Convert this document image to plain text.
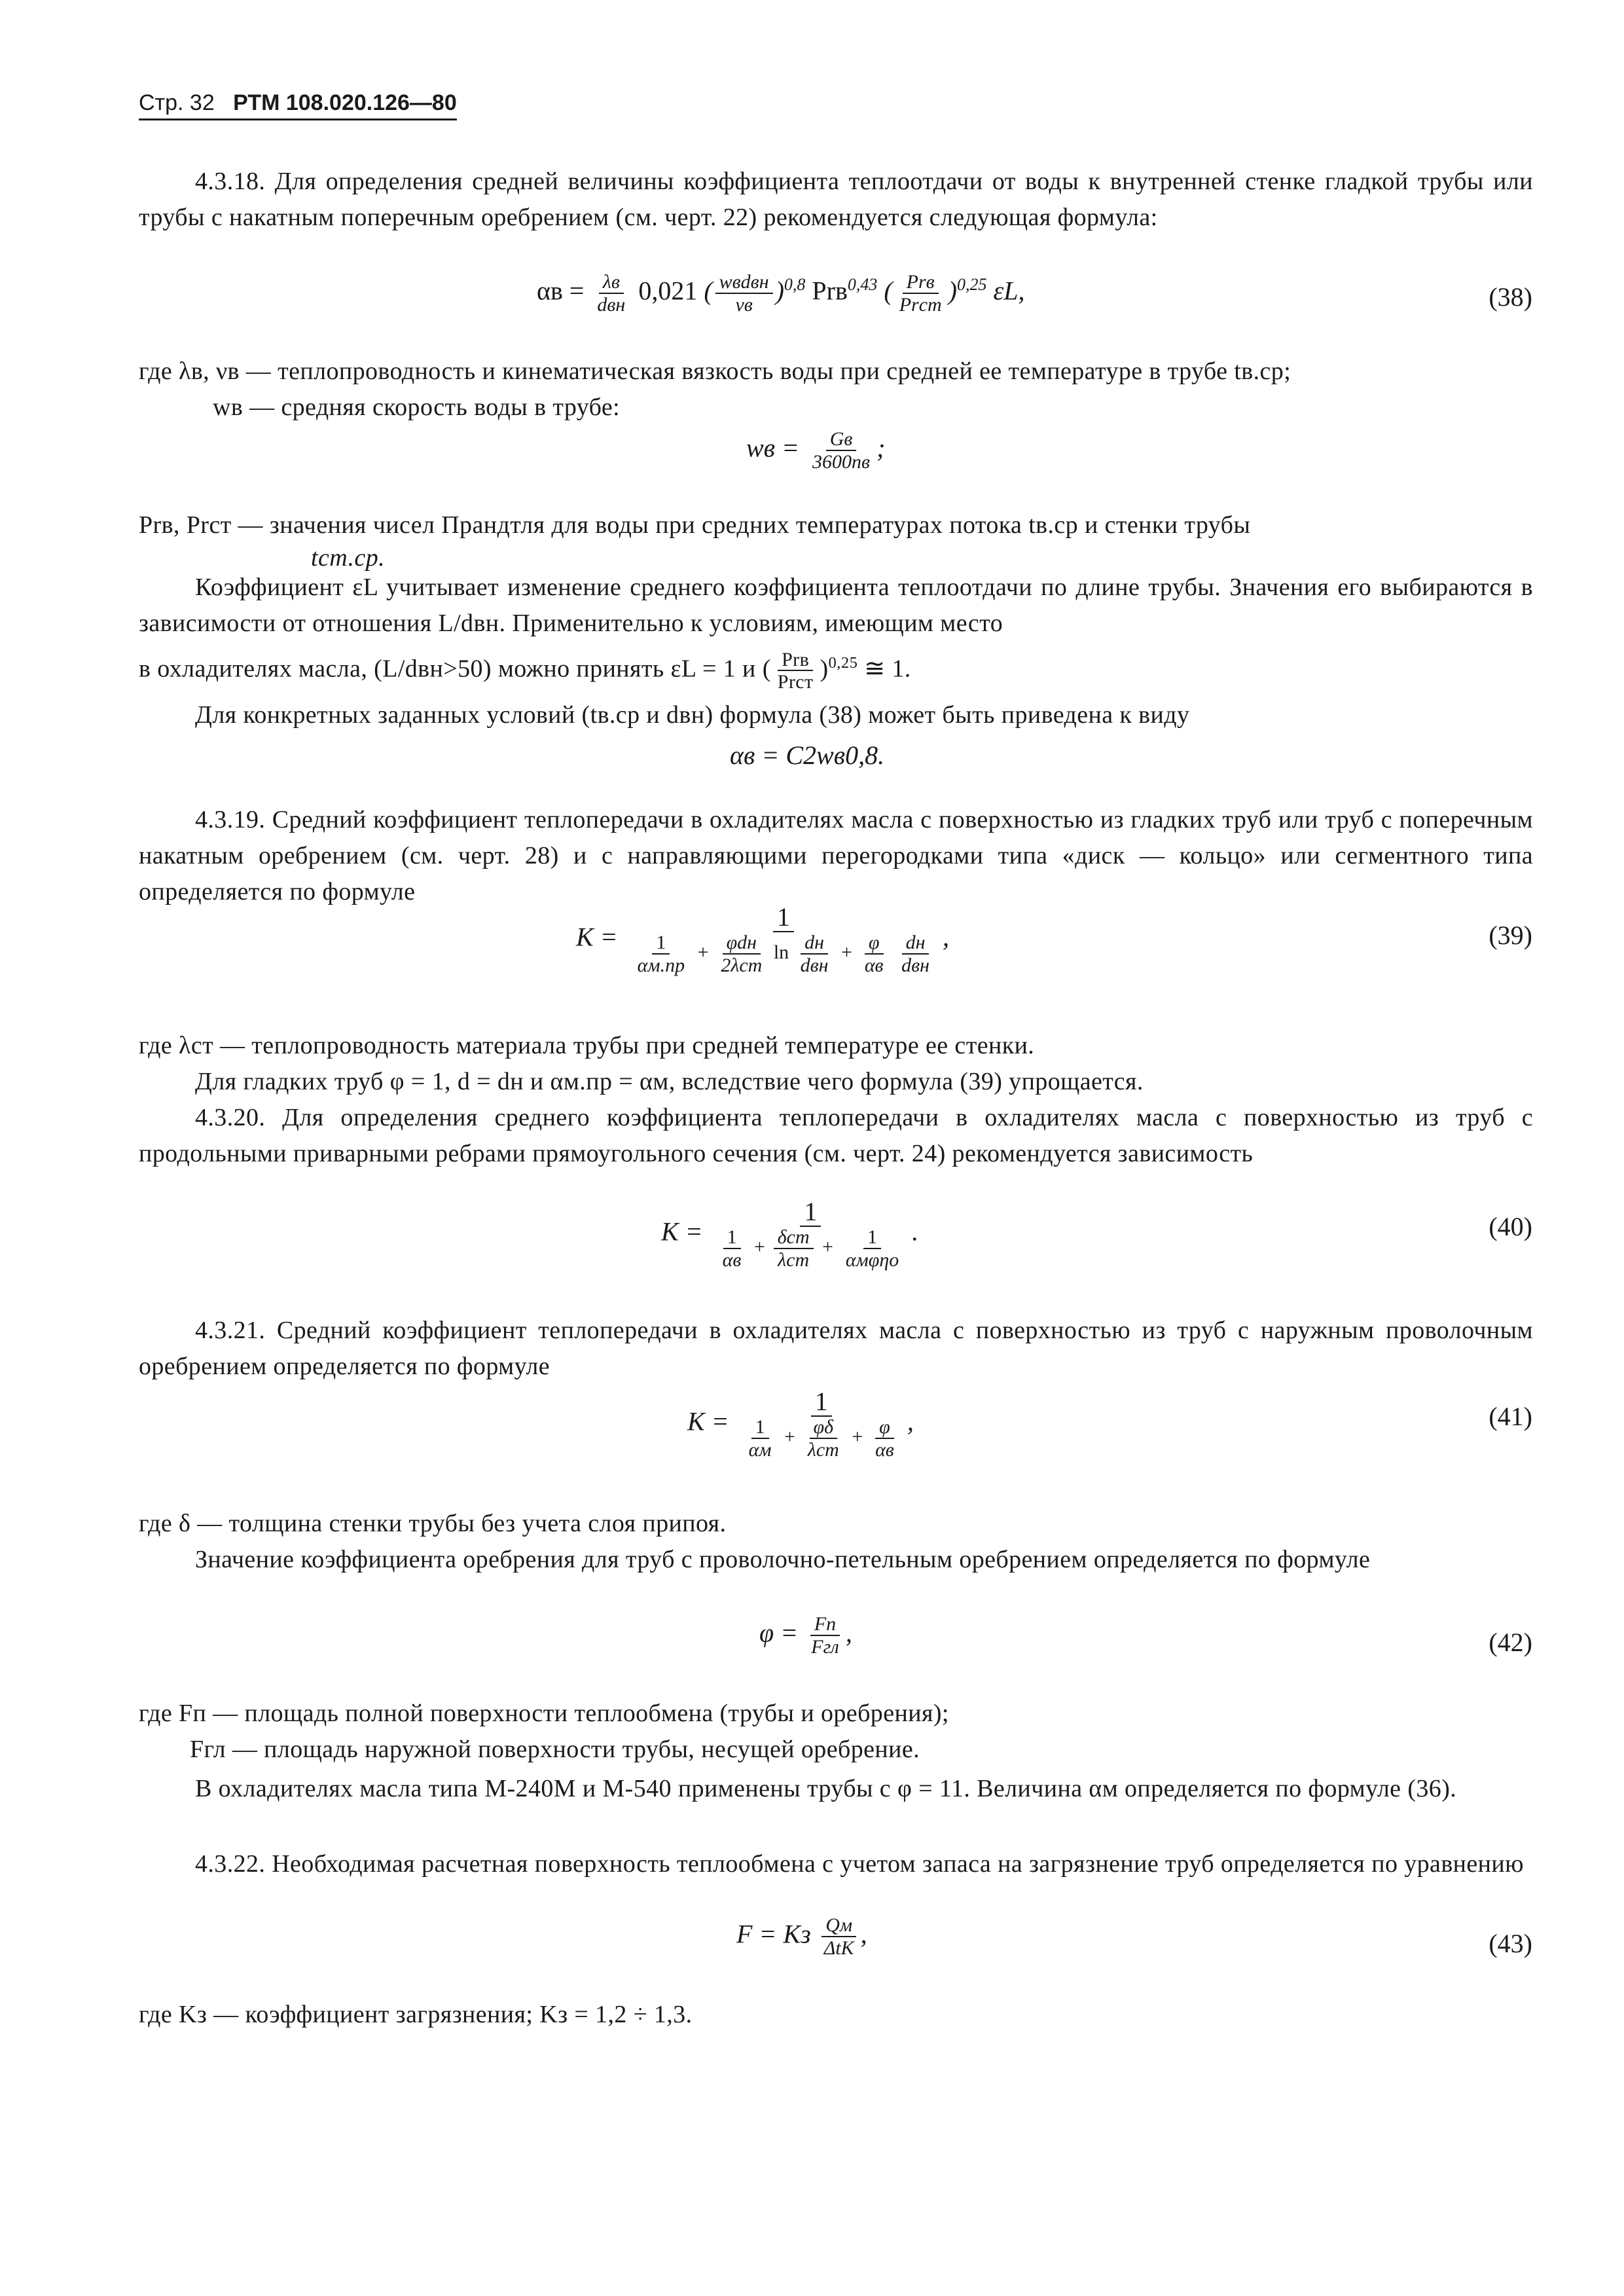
Стр. 32 РТМ 108.020.126—80
4.3.18. Для определения средней величины коэффициента теплоотдачи от воды к внутренней стенке гладкой трубы или трубы с накатным поперечным оребрением (см. черт. 22) рекомендуется следующая формула:
$\alpha в = \frac{\lambda в}{\text{dвн}} 0,021$ ( $\frac{\text{wвdвн}}{\nu в} )^{0,8}$ Prв$^{0,43}$ ( $\frac{\text{Prв}}{\text{Prст}} )^{0,25}$ εL,	(38)
где λв, νв — теплопроводность и кинематическая вязкость воды при средней ее температуре в трубе tв.ср;
wв — средняя скорость воды в трубе:
wв = $\frac{Gв}{3600nв}$ ;
Prв, Prст — значения чисел Прандтля для воды при средних температурах потока tв.ср и стенки трубы
tст.ср.
Коэффициент εL учитывает изменение среднего коэффициента теплоотдачи по длине трубы. Значения его выбираются в зависимости от отношения L/dвн. Применительно к условиям, имеющим место
в охладителях масла, (L/dвн>50) можно принять εL = 1 и ( $\frac{\text{Prв}}{\text{Prст}} )^{0,25}$ ≅ 1.
Для конкретных заданных условий (tв.ср и dвн) формула (38) может быть приведена к виду
αв = C2wв0,8.
4.3.19. Средний коэффициент теплопередачи в охладителях масла с поверхностью из гладких труб или труб с поперечным накатным оребрением (см. черт. 28) и с направляющими перегородками типа «диск — кольцо» или сегментного типа определяется по формуле
K =
1
$\frac{1}{\alpha м.пр} + \frac{\text{φdн}}{\text{2λст}}$ $\ln \frac{dн}{\text{dвн}} + \frac{\varphi}{\alpha в}$
$\frac{dн}{\text{dвн}}$ ,	(39)
где λст — теплопроводность материала трубы при средней температуре ее стенки.
Для гладких труб φ = 1, d = dн и αм.пр = αм, вследствие чего формула (39) упрощается.
4.3.20. Для определения среднего коэффициента теплопередачи в охладителях масла с поверхностью из труб с продольными приварными ребрами прямоугольного сечения (см. черт. 24) рекомендуется зависимость
$K = \frac{1}{\frac{1}{\alpha в} + \frac{\text{δст}}{\text{λст}} + \frac{1}{\text{αмφηо}}}$ .	(40)
4.3.21. Средний коэффициент теплопередачи в охладителях масла с поверхностью из труб с наружным проволочным оребрением определяется по формуле
$K = \frac{1}{\frac{1}{\alpha м} + \frac{\varphi\delta}{\text{λст}} + \frac{\varphi}{\alpha в}}$ ,	(41)
где δ — толщина стенки трубы без учета слоя припоя.
Значение коэффициента оребрения для труб с проволочно-петельным оребрением определяется по формуле
$\varphi = \frac{Fп}{\text{Fгл}}$ ,	(42)
где Fп — площадь полной поверхности теплообмена (трубы и оребрения);
Fгл — площадь наружной поверхности трубы, несущей оребрение.
В охладителях масла типа М-240М и М-540 применены трубы с φ = 11. Величина αм определяется по формуле (36).
4.3.22. Необходимая расчетная поверхность теплообмена с учетом запаса на загрязнение труб определяется по уравнению
F = Kз $\frac{Qм}{\text{ΔtK}}$ ,	(43)
где Kз — коэффициент загрязнения; Kз = 1,2 ÷ 1,3.
